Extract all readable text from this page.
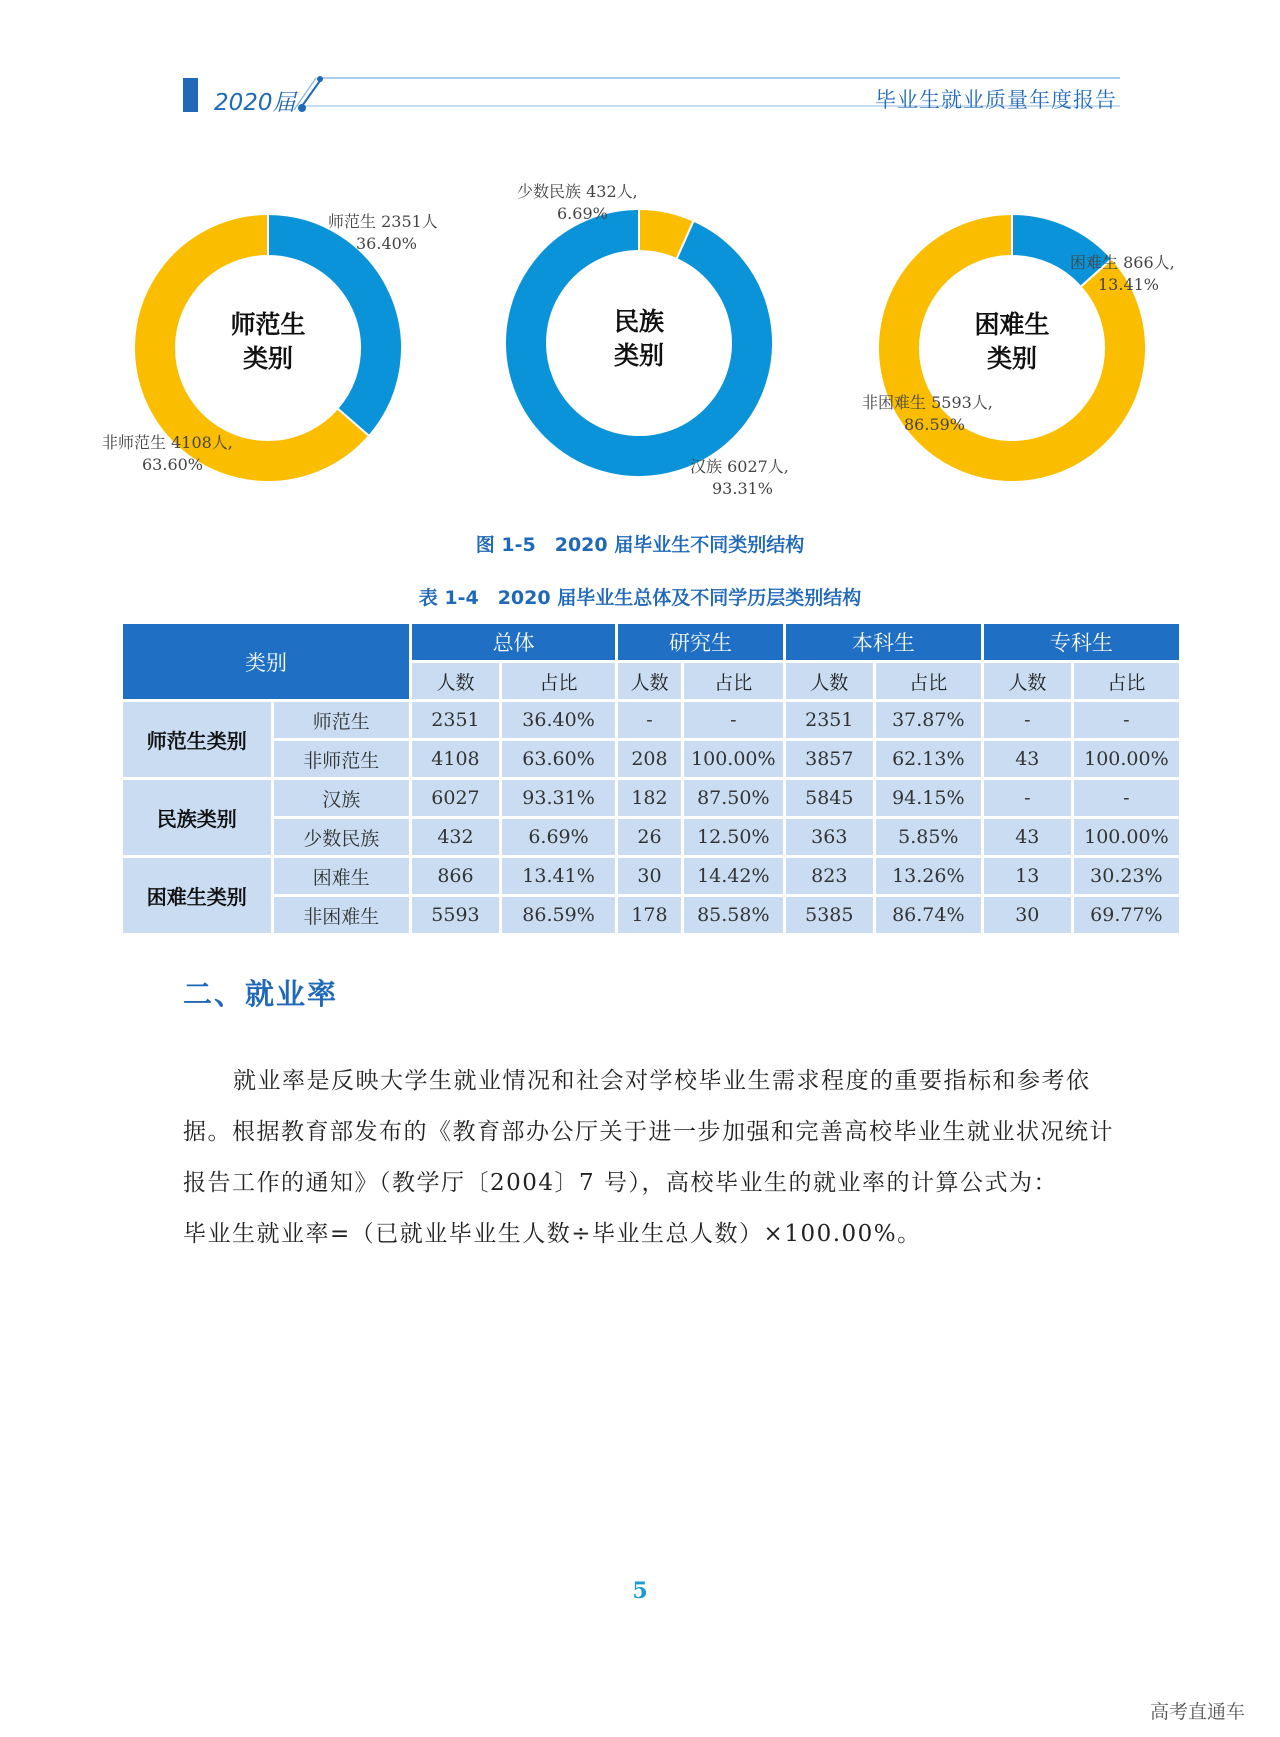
2020届	毕业生就业质量年度报告
师范生
类别
师范生 2351人
36.40%
非师范生 4108人,
63.60%
民族
类别
少数民族 432人,
6.69%
汉族 6027人,
93.31%
困难生
类别
困难生 866人,
13.41%
非困难生 5593人,
86.59%
图 1-5　2020 届毕业生不同类别结构
表 1-4　2020 届毕业生总体及不同学历层类别结构
类别		总体		研究生		本科生		专科生	
		人数	占比	人数	占比	人数	占比	人数	占比
师范生类别	师范生	2351	36.40%	-	-	2351	37.87%	-	-
	非师范生	4108	63.60%	208	100.00%	3857	62.13%	43	100.00%
民族类别	汉族	6027	93.31%	182	87.50%	5845	94.15%	-	-
	少数民族	432	6.69%	26	12.50%	363	5.85%	43	100.00%
困难生类别	困难生	866	13.41%	30	14.42%	823	13.26%	13	30.23%
	非困难生	5593	86.59%	178	85.58%	5385	86.74%	30	69.77%
二、就业率

就业率是反映大学生就业情况和社会对学校毕业生需求程度的重要指标和参考依据。根据教育部发布的《教育部办公厅关于进一步加强和完善高校毕业生就业状况统计报告工作的通知》（教学厅〔2004〕7 号），高校毕业生的就业率的计算公式为：

毕业生就业率=（已就业毕业生人数÷毕业生总人数）×100.00%。

5
高考直通车
